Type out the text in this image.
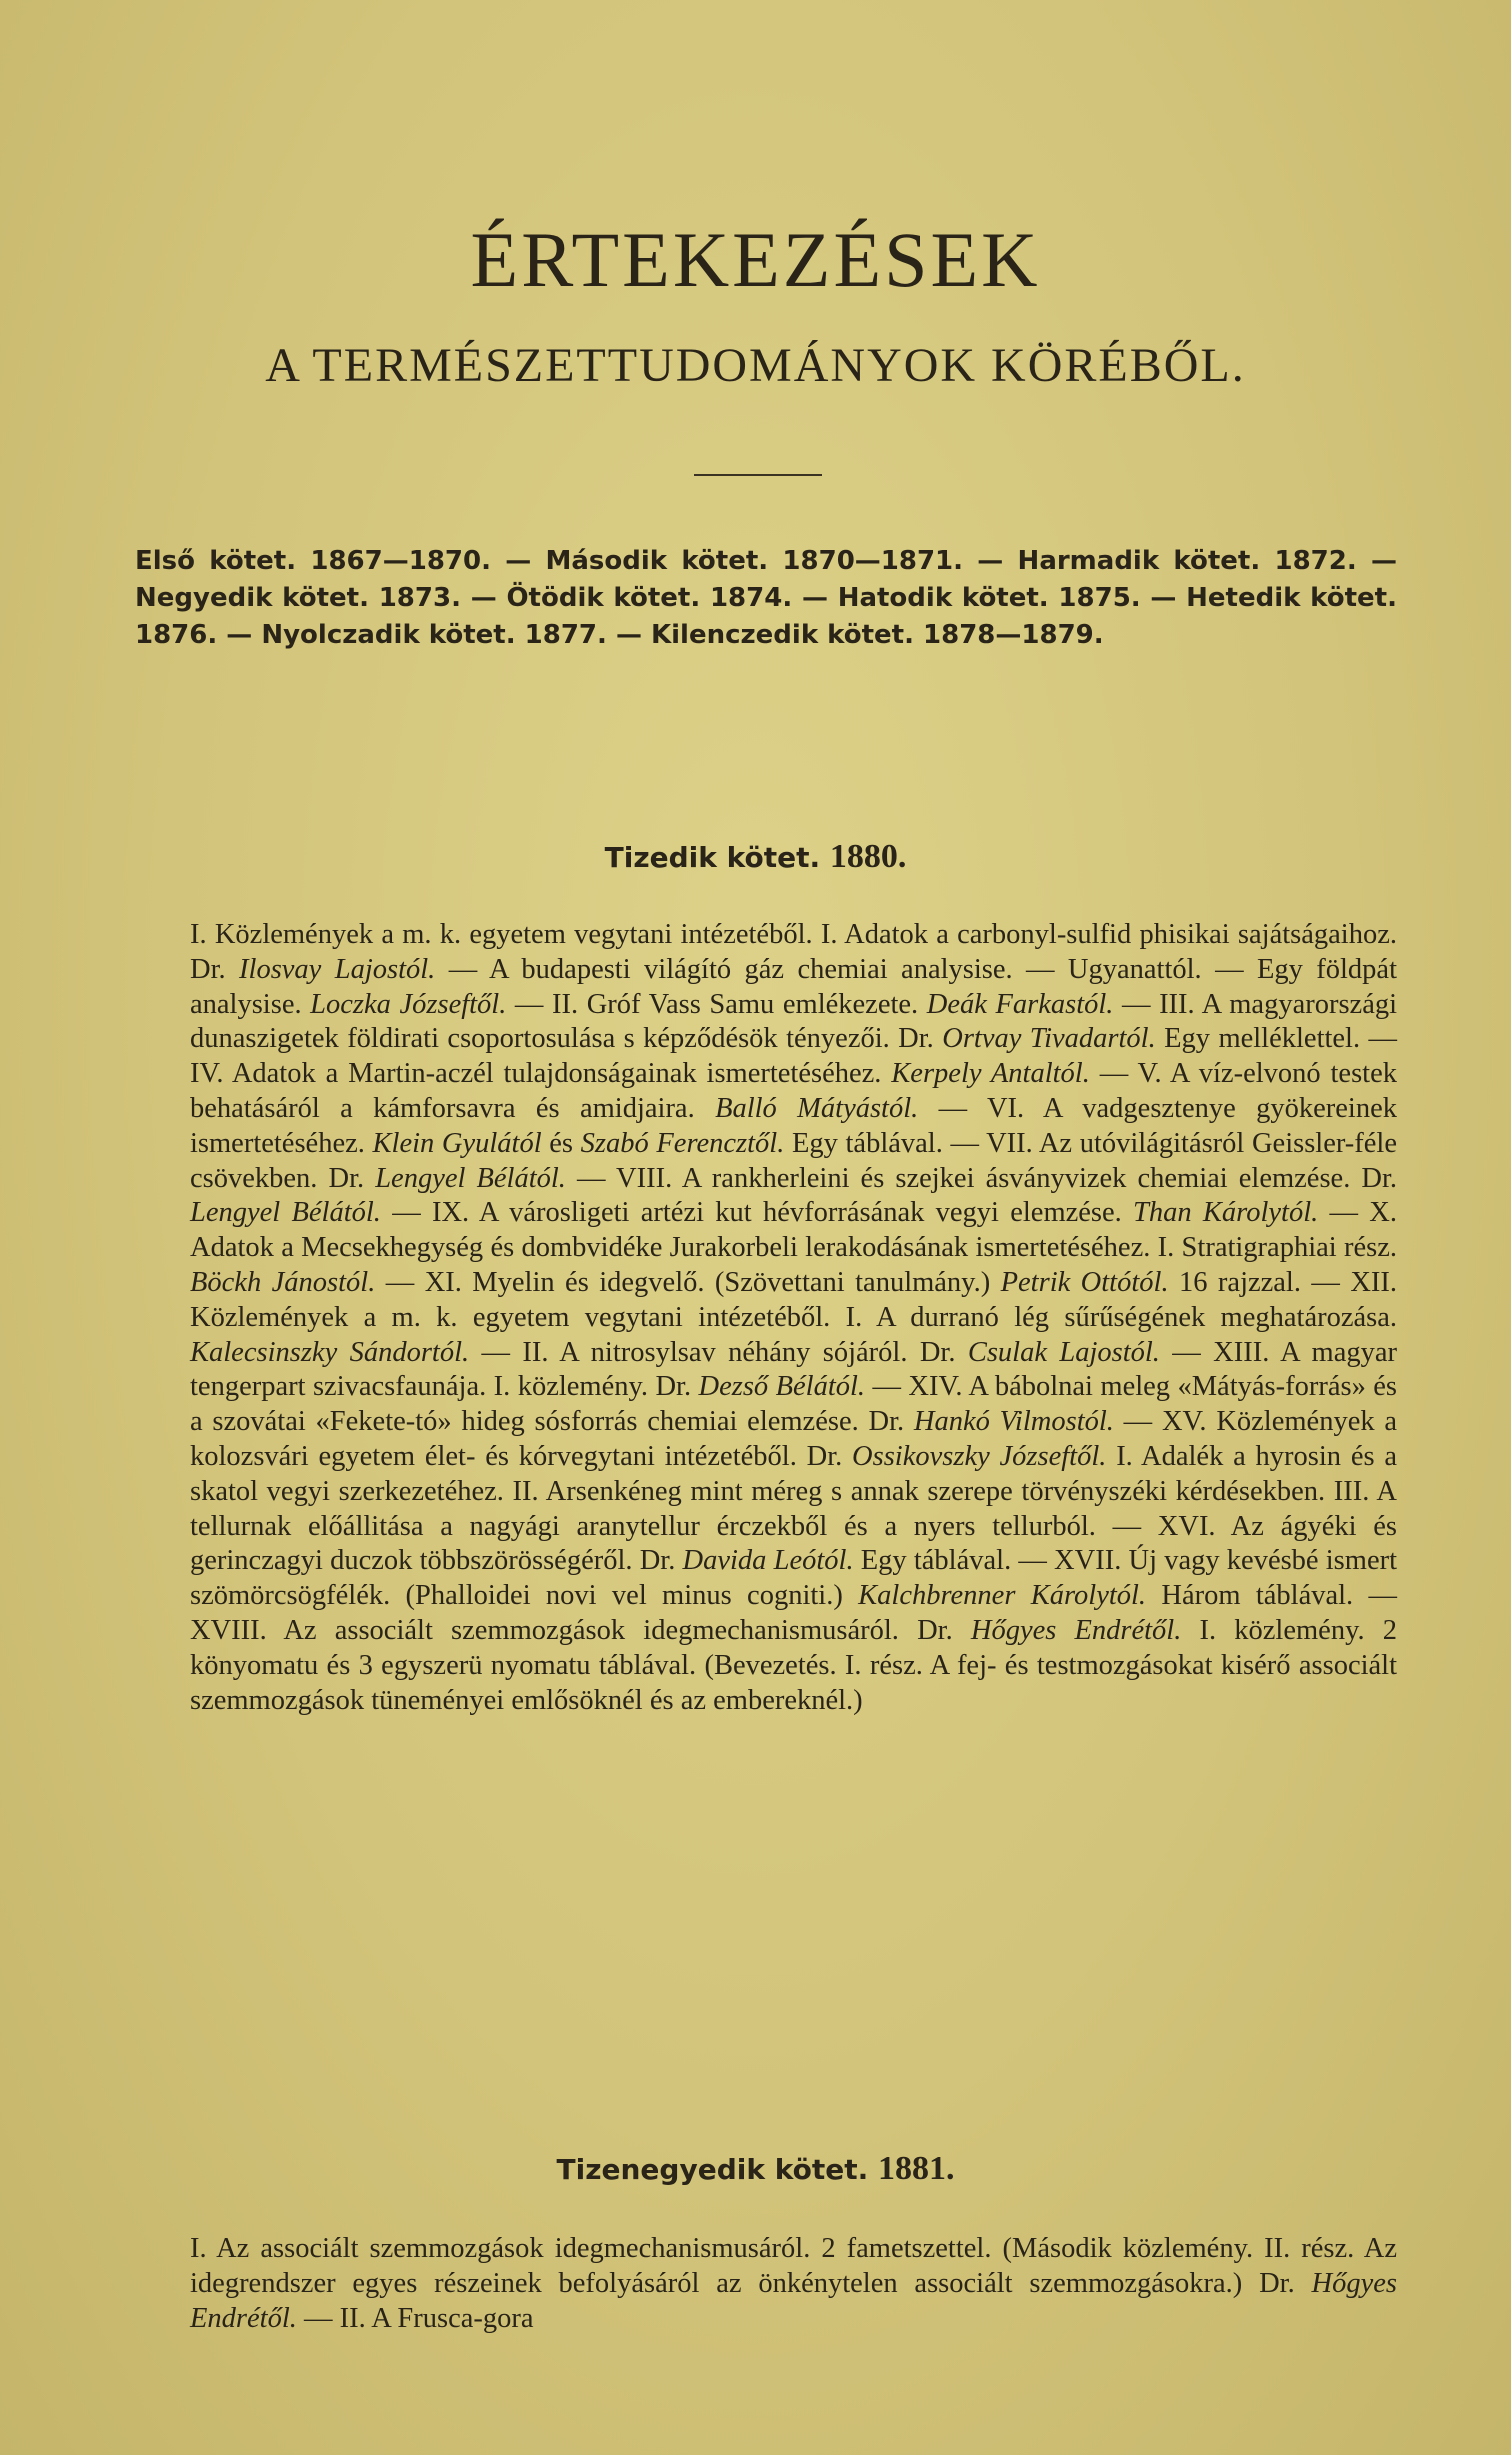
ÉRTEKEZÉSEK
A TERMÉSZETTUDOMÁNYOK KÖRÉBŐL.
Első kötet. 1867—1870. — Második kötet. 1870—1871. — Harmadik kötet. 1872. — Negyedik kötet. 1873. — Ötödik kötet. 1874. — Hatodik kötet. 1875. — Hetedik kötet. 1876. — Nyolczadik kötet. 1877. — Kilenczedik kötet. 1878—1879.
Tizedik kötet. 1880.

I. Közlemények a m. k. egyetem vegytani intézetéből. I. Adatok a carbonyl-sulfid phisikai sajátságaihoz. Dr. Ilosvay Lajostól. — A budapesti világító gáz chemiai analysise. — Ugyanattól. — Egy földpát analysise. Loczka Józseftől. — II. Gróf Vass Samu emlékezete. Deák Farkastól. — III. A magyarországi dunaszigetek földirati csoportosulása s képződésök tényezői. Dr. Ortvay Tivadartól. Egy melléklettel. — IV. Adatok a Martin-aczél tulajdonságainak ismertetéséhez. Kerpely Antaltól. — V. A víz-elvonó testek behatásáról a kámforsavra és amidjaira. Balló Mátyástól. — VI. A vadgesztenye gyökereinek ismertetéséhez. Klein Gyulától és Szabó Ferencztől. Egy táblával. — VII. Az utóvilágitásról Geissler-féle csövekben. Dr. Lengyel Bélától. — VIII. A rankherleini és szejkei ásványvizek chemiai elemzése. Dr. Lengyel Bélától. — IX. A városligeti artézi kut hévforrásának vegyi elemzése. Than Károlytól. — X. Adatok a Mecsekhegység és dombvidéke Jurakorbeli lerakodásának ismertetéséhez. I. Stratigraphiai rész. Böckh Jánostól. — XI. Myelin és idegvelő. (Szövettani tanulmány.) Petrik Ottótól. 16 rajzzal. — XII. Közlemények a m. k. egyetem vegytani intézetéből. I. A durranó lég sűrűségének meghatározása. Kalecsinszky Sándortól. — II. A nitrosylsav néhány sójáról. Dr. Csulak Lajostól. — XIII. A magyar tengerpart szivacsfaunája. I. közlemény. Dr. Dezső Bélától. — XIV. A bábolnai meleg «Mátyás-forrás» és a szovátai «Fekete-tó» hideg sósforrás chemiai elemzése. Dr. Hankó Vilmostól. — XV. Közlemények a kolozsvári egyetem élet- és kórvegytani intézetéből. Dr. Ossikovszky Józseftől. I. Adalék a hyrosin és a skatol vegyi szerkezetéhez. II. Arsenkéneg mint méreg s annak szerepe törvényszéki kérdésekben. III. A tellurnak előállitása a nagyági aranytellur érczekből és a nyers tellurból. — XVI. Az ágyéki és gerinczagyi duczok többszörösségéről. Dr. Davida Leótól. Egy táblával. — XVII. Új vagy kevésbé ismert szömörcsögfélék. (Phalloidei novi vel minus cogniti.) Kalchbrenner Károlytól. Három táblával. — XVIII. Az associált szemmozgások idegmechanismusáról. Dr. Hőgyes Endrétől. I. közlemény. 2 könyomatu és 3 egyszerü nyomatu táblával. (Bevezetés. I. rész. A fej- és testmozgásokat kisérő associált szemmozgások tüneményei emlősöknél és az embereknél.)

Tizenegyedik kötet. 1881.

I. Az associált szemmozgások idegmechanismusáról. 2 fametszettel. (Második közlemény. II. rész. Az idegrendszer egyes részeinek befolyásáról az önkénytelen associált szemmozgásokra.) Dr. Hőgyes Endrétől. — II. A Frusca-gora
